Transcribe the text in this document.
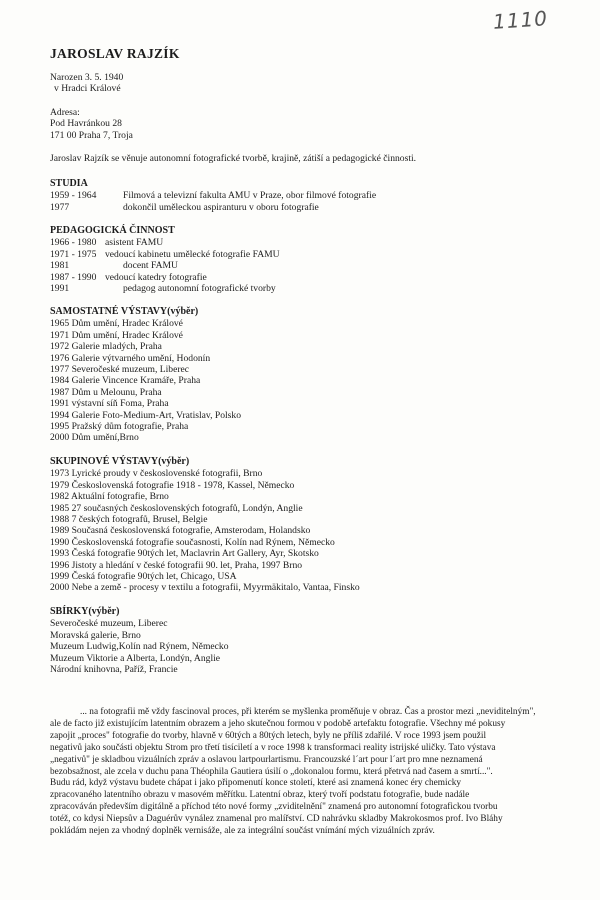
1110
JAROSLAV RAJZÍK
Narozen 3. 5. 1940
v Hradci Králové
Adresa:
Pod Havránkou 28
171 00 Praha 7, Troja
Jaroslav Rajzík se věnuje autonomní fotografické tvorbě, krajině, zátiší a pedagogické činnosti.
STUDIA
1959 - 1964	Filmová a televizní fakulta AMU v Praze, obor filmové fotografie
1977	dokončil uměleckou aspiranturu v oboru fotografie
PEDAGOGICKÁ ČINNOST
1966 - 1980 asistent FAMU
1971 - 1975 vedoucí kabinetu umělecké fotografie FAMU
1981	docent FAMU
1987 - 1990 vedoucí katedry fotografie
1991	pedagog autonomní fotografické tvorby
SAMOSTATNÉ VÝSTAVY(výběr)
1965 Dům umění, Hradec Králové
1971 Dům umění, Hradec Králové
1972 Galerie mladých, Praha
1976 Galerie výtvarného umění, Hodonín
1977 Severočeské muzeum, Liberec
1984 Galerie Vincence Kramáře, Praha
1987 Dům u Melounu, Praha
1991 výstavní síň Foma, Praha
1994 Galerie Foto-Medium-Art, Vratislav, Polsko
1995 Pražský dům fotografie, Praha
2000 Dům umění,Brno
SKUPINOVÉ VÝSTAVY(výběr)
1973 Lyrické proudy v československé fotografii, Brno
1979 Československá fotografie 1918 - 1978, Kassel, Německo
1982 Aktuální fotografie, Brno
1985 27 současných československých fotografů, Londýn, Anglie
1988 7 českých fotografů, Brusel, Belgie
1989 Současná československá fotografie, Amsterodam, Holandsko
1990 Československá fotografie současnosti, Kolín nad Rýnem, Německo
1993 Česká fotografie 90tých let, Maclavrin Art Gallery, Ayr, Skotsko
1996 Jistoty a hledání v české fotografii 90. let, Praha, 1997 Brno
1999 Česká fotografie 90tých let, Chicago, USA
2000 Nebe a země - procesy v textilu a fotografii, Myyrmäkitalo, Vantaa, Finsko
SBÍRKY(výběr)
Severočeské muzeum, Liberec
Moravská galerie, Brno
Muzeum Ludwig,Kolín nad Rýnem, Německo
Muzeum Viktorie a Alberta, Londýn, Anglie
Národní knihovna, Paříž, Francie
... na fotografii mě vždy fascinoval proces, při kterém se myšlenka proměňuje v obraz. Čas a prostor mezi „neviditelným",
ale de facto již existujícím latentním obrazem a jeho skutečnou formou v podobě artefaktu fotografie. Všechny mé pokusy
zapojit „proces" fotografie do tvorby, hlavně v 60tých a 80tých letech, byly ne příliš zdařilé. V roce 1993 jsem použil
negativů jako součásti objektu Strom pro třetí tisíciletí a v roce 1998 k transformaci reality istrijské uličky. Tato výstava
„negativů" je skladbou vizuálních zpráv a oslavou lartpourlartismu. Francouzské l´art pour l´art pro mne neznamená
bezobsažnost, ale zcela v duchu pana Théophila Gautiera úsilí o „dokonalou formu, která přetrvá nad časem a smrtí...".
Budu rád, když výstavu budete chápat i jako připomenutí konce století, které asi znamená konec éry chemicky
zpracovaného latentního obrazu v masovém měřítku. Latentní obraz, který tvoří podstatu fotografie, bude nadále
zpracováván především digitálně a příchod této nové formy „zviditelnění" znamená pro autonomní fotografickou tvorbu
totéž, co kdysi Niepsův a Daguérův vynález znamenal pro malířství. CD nahrávku skladby Makrokosmos prof. Ivo Bláhy
pokládám nejen za vhodný doplněk vernisáže, ale za integrální součást vnímání mých vizuálních zpráv.
